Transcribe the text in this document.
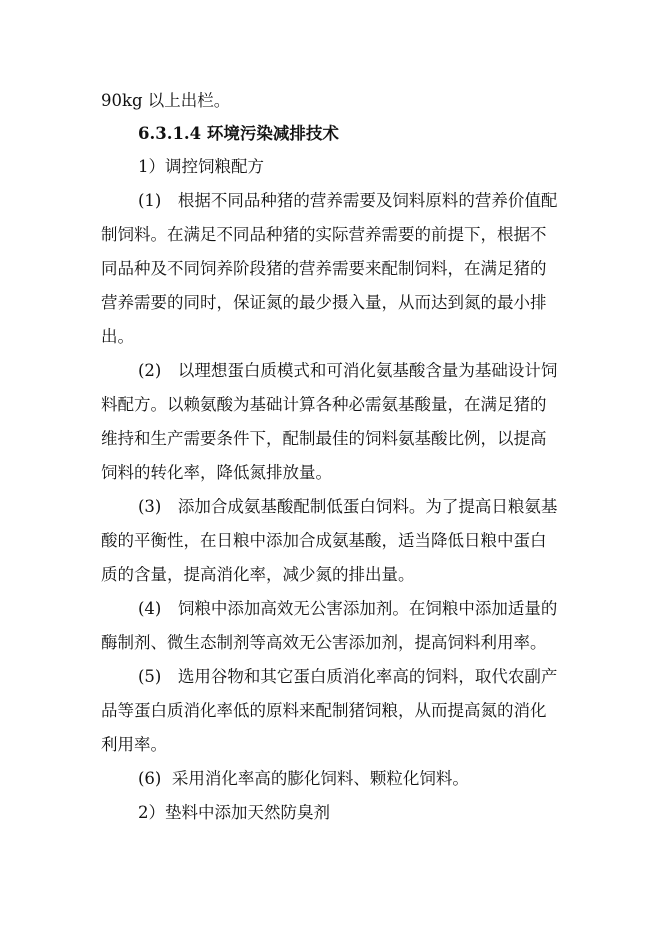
90kg 以上出栏。
6.3.1.4 环境污染减排技术
1）调控饲粮配方
(1)　根据不同品种猪的营养需要及饲料原料的营养价值配
制饲料。在满足不同品种猪的实际营养需要的前提下，根据不
同品种及不同饲养阶段猪的营养需要来配制饲料，在满足猪的
营养需要的同时，保证氮的最少摄入量，从而达到氮的最小排
出。
(2)　以理想蛋白质模式和可消化氨基酸含量为基础设计饲
料配方。以赖氨酸为基础计算各种必需氨基酸量，在满足猪的
维持和生产需要条件下，配制最佳的饲料氨基酸比例，以提高
饲料的转化率，降低氮排放量。
(3)　添加合成氨基酸配制低蛋白饲料。为了提高日粮氨基
酸的平衡性，在日粮中添加合成氨基酸，适当降低日粮中蛋白
质的含量，提高消化率，减少氮的排出量。
(4)　饲粮中添加高效无公害添加剂。在饲粮中添加适量的
酶制剂、微生态制剂等高效无公害添加剂，提高饲料利用率。
(5)　选用谷物和其它蛋白质消化率高的饲料，取代农副产
品等蛋白质消化率低的原料来配制猪饲粮，从而提高氮的消化
利用率。
(6)  采用消化率高的膨化饲料、颗粒化饲料。
2）垫料中添加天然防臭剂
